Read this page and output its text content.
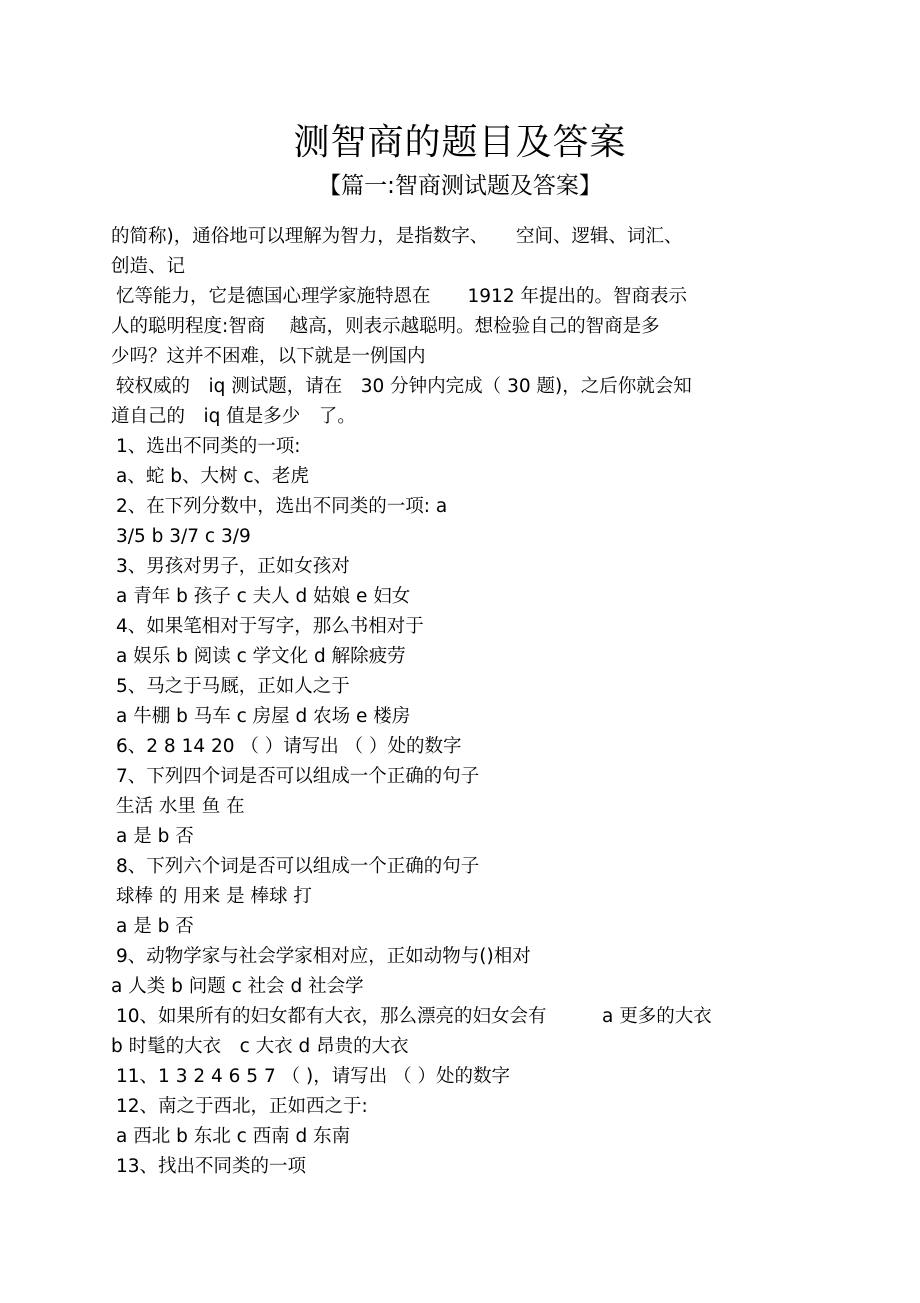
测智商的题目及答案
【篇一:智商测试题及答案】
的简称)，通俗地可以理解为智力，是指数字、　　空间、逻辑、词汇、
创造、记
忆等能力，它是德国心理学家施特恩在　　1912 年提出的。智商表示
人的聪明程度:智商　 越高，则表示越聪明。想检验自己的智商是多
少吗？这并不困难，以下就是一例国内
较权威的　iq 测试题，请在　30 分钟内完成（ 30 题)，之后你就会知
道自己的　iq 值是多少　了。
1、选出不同类的一项:
a、蛇 b、大树 c、老虎
2、在下列分数中，选出不同类的一项: a
3/5 b 3/7 c 3/9
3、男孩对男子，正如女孩对
a 青年 b 孩子 c 夫人 d 姑娘 e 妇女
4、如果笔相对于写字，那么书相对于
a 娱乐 b 阅读 c 学文化 d 解除疲劳
5、马之于马厩，正如人之于
a 牛棚 b 马车 c 房屋 d 农场 e 楼房
6、2 8 14 20 （ ）请写出 （ ）处的数字
7、下列四个词是否可以组成一个正确的句子
生活 水里 鱼 在
a 是 b 否
8、下列六个词是否可以组成一个正确的句子
球棒 的 用来 是 棒球 打
a 是 b 否
9、动物学家与社会学家相对应，正如动物与()相对
a 人类 b 问题 c 社会 d 社会学
10、如果所有的妇女都有大衣，那么漂亮的妇女会有　　　a 更多的大衣
b 时髦的大衣　c 大衣 d 昂贵的大衣
11、1 3 2 4 6 5 7 （ )，请写出 （ ）处的数字
12、南之于西北，正如西之于:
a 西北 b 东北 c 西南 d 东南
13、找出不同类的一项
